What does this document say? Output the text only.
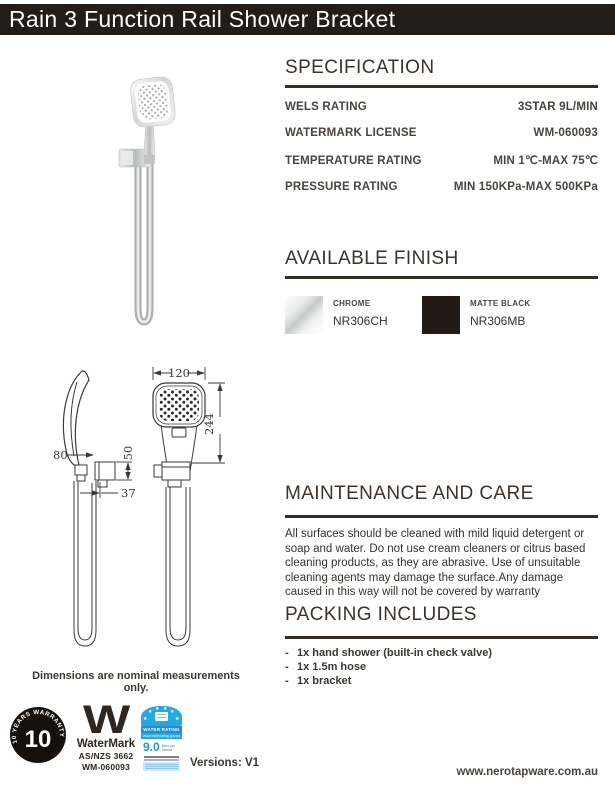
Rain 3 Function Rail Shower Bracket
SPECIFICATION
WELS RATING	3STAR 9L/MIN
WATERMARK LICENSE	WM-060093
TEMPERATURE RATING	MIN 1℃-MAX 75℃
PRESSURE RATING	MIN 150KPa-MAX 500KPa
AVAILABLE FINISH
CHROME
NR306CH
MATTE BLACK
NR306MB
120
244
80	50
37
Dimensions are nominal measurements only.
MAINTENANCE AND CARE

All surfaces should be cleaned with mild liquid detergent or soap and water. Do not use cream cleaners or citrus based cleaning products, as they are abrasive. Use of unsuitable cleaning agents may damage the surface.Any damage caused in this way will not be covered by warranty

PACKING INCLUDES
- 1x hand shower (built-in check valve)
- 1x 1.5m hose
- 1x bracket
10 YEARS WARRANTY
10 W
WaterMark
AS/NZS 3662
WM-060093
★
★ ★ ★ ★
★
WATER RATING
www.waterrating.gov.au
9.0 litres per minute
Versions: V1
www.nerotapware.com.au
